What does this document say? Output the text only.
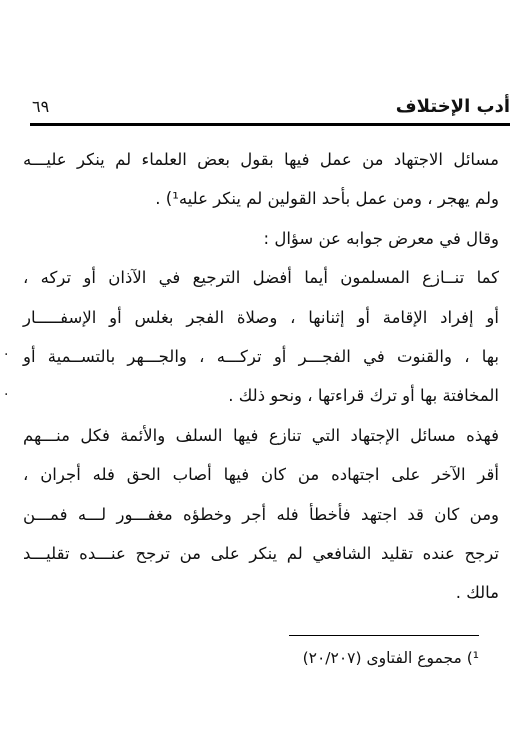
أدب الإختلاف
٦٩
مسائل الاجتهاد من عمل فيها بقول بعض العلماء لم ينكر عليـــه
ولم يهجر ، ومن عمل بأحد القولين لم ينكر عليه¹) .
وقال في معرض جوابه عن سؤال :
كما تنــازع المسلمون أيما أفضل الترجيع في الآذان أو تركه ،
أو إفراد الإقامة أو إثنانها ، وصلاة الفجر بغلس أو الإسفـــــار
بها ، والقنوت في الفجـــر أو تركـــه ، والجـــهر بالتســمية أو
المخافتة بها أو ترك قراءتها ، ونحو ذلك .
فهذه مسائل الإجتهاد التي تنازع فيها السلف والأئمة فكل منـــهم
أقر الآخر على اجتهاده من كان فيها أصاب الحق فله أجران ،
ومن كان قد اجتهد فأخطأ فله أجر وخطؤه مغفـــور لـــه فمـــن
ترجح عنده تقليد الشافعي لم ينكر على من ترجح عنـــده تقليـــد
مالك .
¹) مجموع الفتاوى (٢٠/٢٠٧)
·
·
